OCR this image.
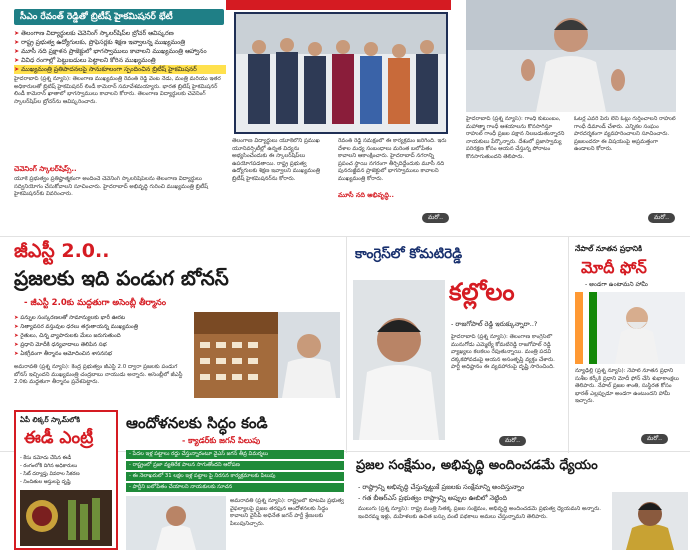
సీఎం రేవంత్ రెడ్డితో బ్రిటీష్ హైకమిషనర్ భేటీ
➤ తెలంగాణ విద్యార్థులకు చెవెనింగ్ స్కాలర్‌షిప్‌ల బ్రోచర్ ఆవిష్కరణ
➤ రాష్ట్ర ప్రభుత్వ ఉద్యోగులకు, ప్రొఫెసర్లకు శిక్షణ ఇవ్వాలన్న ముఖ్యమంత్రి
➤ మూసీ నది ప్రక్షాళన ప్రాజెక్టులో భాగస్వాములు కావాలని ముఖ్యమంత్రి ఆహ్వానం
➤ వివిధ రంగాల్లో పెట్టుబడులు పెట్టాలని కోరిన ముఖ్యమంత్రి
➤ ముఖ్యమంత్రి ప్రతిపాదనలపై సానుకూలంగా స్పందించిన బ్రిటీష్ హైకమిషనర్
హైదరాబాద్ (ప్రశ్న న్యూస్): తెలంగాణ ముఖ్యమంత్రి రేవంత్ రెడ్డి వెంట నేడు, మంత్రి మరియు ఇతర అధికారులతో బ్రిటిష్ హైకమిషనర్ లిండీ కామెరాన్ సమావేశమయ్యారు. భారత బ్రిటిష్ హైకమిషనర్ లిండీ కామెరాన్ ఖాతాలో భాగస్వాములు కావాలని కోరారు. తెలంగాణ విద్యార్థులకు చెవెనింగ్ స్కాలర్‌షిప్‌ల బ్రోచర్‌ను ఆవిష్కరించారు.
చెవెనింగ్ స్కాలర్‌షిప్స్..
యూకే ప్రభుత్వం ప్రతిష్టాత్మకంగా అందించే చెవెనింగ్ స్కాలర్‌షిప్‌లను తెలంగాణ విద్యార్థులు సద్వినియోగం చేసుకోవాలని సూచించారు. హైదరాబాద్ అభివృద్ధి గురించి ముఖ్యమంత్రి బ్రిటీష్ హైకమిషనర్‌కు వివరించారు.
తెలంగాణ విద్యార్థులు యూకేలోని ప్రముఖ యూనివర్సిటీల్లో ఉన్నత విద్యను అభ్యసించేందుకు ఈ స్కాలర్‌షిప్‌లు ఉపయోగపడతాయి. రాష్ట్ర ప్రభుత్వ ఉద్యోగులకు శిక్షణ ఇవ్వాలని ముఖ్యమంత్రి బ్రిటీష్ హైకమిషనర్‌ను కోరారు.
రేవంత్ రెడ్డి సమక్షంలో ఈ కార్యక్రమం జరిగింది. ఇరు దేశాల మధ్య సంబంధాలు మరింత బలోపేతం కావాలని ఆకాంక్షించారు. హైదరాబాద్ నగరాన్ని ప్రపంచ స్థాయి నగరంగా తీర్చిదిద్దేందుకు మూసీ నది పునరుజ్జీవన ప్రాజెక్టులో భాగస్వాములు కావాలని ముఖ్యమంత్రి కోరారు.
మూసీ నది అభివృద్ధి..
మరో..
హైదరాబాద్ (ప్రశ్న న్యూస్): గాంధీ కుటుంబం, మహాత్మా గాంధీ ఆశయాలను కొనసాగిస్తూ రాహుల్ గాంధీ ప్రజల పక్షాన నిలబడుతున్నారని నాయకులు పేర్కొన్నారు. దేశంలో ప్రజాస్వామ్య పరిరక్షణ కోసం ఆయన చేస్తున్న పోరాటం కొనసాగుతుందని తెలిపారు.
ఓటర్ల ఎవరి పేరు లేని ఓట్లు గుర్తించాలని రాహుల్ గాంధీ డిమాండ్ చేశారు. ఎన్నికల సంఘం పారదర్శకంగా వ్యవహరించాలని సూచించారు. ప్రజలందరూ ఈ విషయంపై అప్రమత్తంగా ఉండాలని కోరారు.
మరో..
జీఎస్టీ 2.0..
ప్రజలకు ఇది పండుగ బోనస్
- జీఎస్టీ 2.0కు మద్దతుగా అసెంబ్లీ తీర్మానం
➤ పన్నుల సంస్కరణలతో సామాన్యులకు భారీ ఊరట
➤ నిత్యావసర వస్తువుల ధరలు తగ్గుతాయన్న ముఖ్యమంత్రి
➤ రైతులు, చిన్న వ్యాపారులకు మేలు జరుగుతుంది
➤ ప్రధాని మోదీకి ధన్యవాదాలు తెలిపిన సభ
➤ ఏకగ్రీవంగా తీర్మానం ఆమోదించిన శాసనసభ
అమరావతి (ప్రశ్న న్యూస్): కేంద్ర ప్రభుత్వం జీఎస్టీ 2.0 ద్వారా ప్రజలకు పండుగ బోనస్ ఇచ్చిందని ముఖ్యమంత్రి చంద్రబాబు నాయుడు అన్నారు. అసెంబ్లీలో జీఎస్టీ 2.0కు మద్దతుగా తీర్మానం ప్రవేశపెట్టారు.
కాంగ్రెస్‌లో కోమటిరెడ్డి
కల్లోలం
- రాజగోపాల్ రెడ్డి ఇరుక్కున్నారా..?
హైదరాబాద్ (ప్రశ్న న్యూస్): తెలంగాణ కాంగ్రెస్‌లో మునుగోడు ఎమ్మెల్యే కోమటిరెడ్డి రాజగోపాల్ రెడ్డి వ్యాఖ్యలు కలకలం రేపుతున్నాయి. మంత్రి పదవి దక్కకపోవడంపై ఆయన అసంతృప్తి వ్యక్తం చేశారు. పార్టీ అధిష్టానం ఈ వ్యవహారంపై దృష్టి సారించింది.
మరో..
నేపాల్ నూతన ప్రధానికి
మోదీ ఫోన్
- అండగా ఉంటామని హామీ
న్యూఢిల్లీ (ప్రశ్న న్యూస్): నేపాల్ నూతన ప్రధాని సుశీల కర్కీకి ప్రధాని మోదీ ఫోన్ చేసి శుభాకాంక్షలు తెలిపారు. నేపాల్ ప్రజల శాంతి, సుస్థిరత కోసం భారత్ ఎల్లప్పుడూ అండగా ఉంటుందని హామీ ఇచ్చారు.
మరో..
ఏపీ లిక్కర్ స్కామ్‌లోకి
ఈడీ ఎంట్రీ
- కేసు నమోదు చేసిన ఈడీ
- రంగంలోకి దిగిన అధికారులు
- సిట్ దర్యాప్తు వివరాల సేకరణ
- నిందితుల ఆస్తులపై దృష్టి
ఆందోళనలకు సిద్ధం కండి
- క్యాడర్‌కు జగన్ పిలుపు
- పేదల ఇళ్ల పట్టాలు రద్దు చేస్తున్నారంటూ వైఎస్ జగన్ తీవ్ర విమర్శలు
- రాష్ట్రంలో ప్రజా వ్యతిరేక పాలన సాగుతోందని ఆరోపణ
- ఈ నెలాఖరులో 31 లక్షల ఇళ్ల పట్టాల పై నిరసన కార్యక్రమాలకు పిలుపు
- పార్టీని బలోపేతం చేయాలని నాయకులకు సూచన
అమరావతి (ప్రశ్న న్యూస్): రాష్ట్రంలో కూటమి ప్రభుత్వ వైఫల్యాలపై ప్రజల తరఫున ఆందోళనలకు సిద్ధం కావాలని వైసీపీ అధినేత జగన్ పార్టీ శ్రేణులకు పిలుపునిచ్చారు.
ప్రజల సంక్షేమం, అభివృద్ధి అందించడమే ధ్యేయం
- రాష్ట్రాన్ని అభివృద్ధి చేస్తున్నట్టుకే ప్రజలకు సంక్షేమాన్ని అందిస్తున్నాం
- గత బీఆర్ఎస్ ప్రభుత్వం రాష్ట్రాన్ని అప్పుల ఊబిలో నెట్టింది
ములుగు (ప్రశ్న న్యూస్): రాష్ట్ర మంత్రి సీతక్క ప్రజల సంక్షేమం, అభివృద్ధి అందించడమే ప్రభుత్వ ధ్యేయమని అన్నారు. ఇందిరమ్మ ఇళ్లు, మహిళలకు ఉచిత బస్సు వంటి పథకాలు అమలు చేస్తున్నామని తెలిపారు.
